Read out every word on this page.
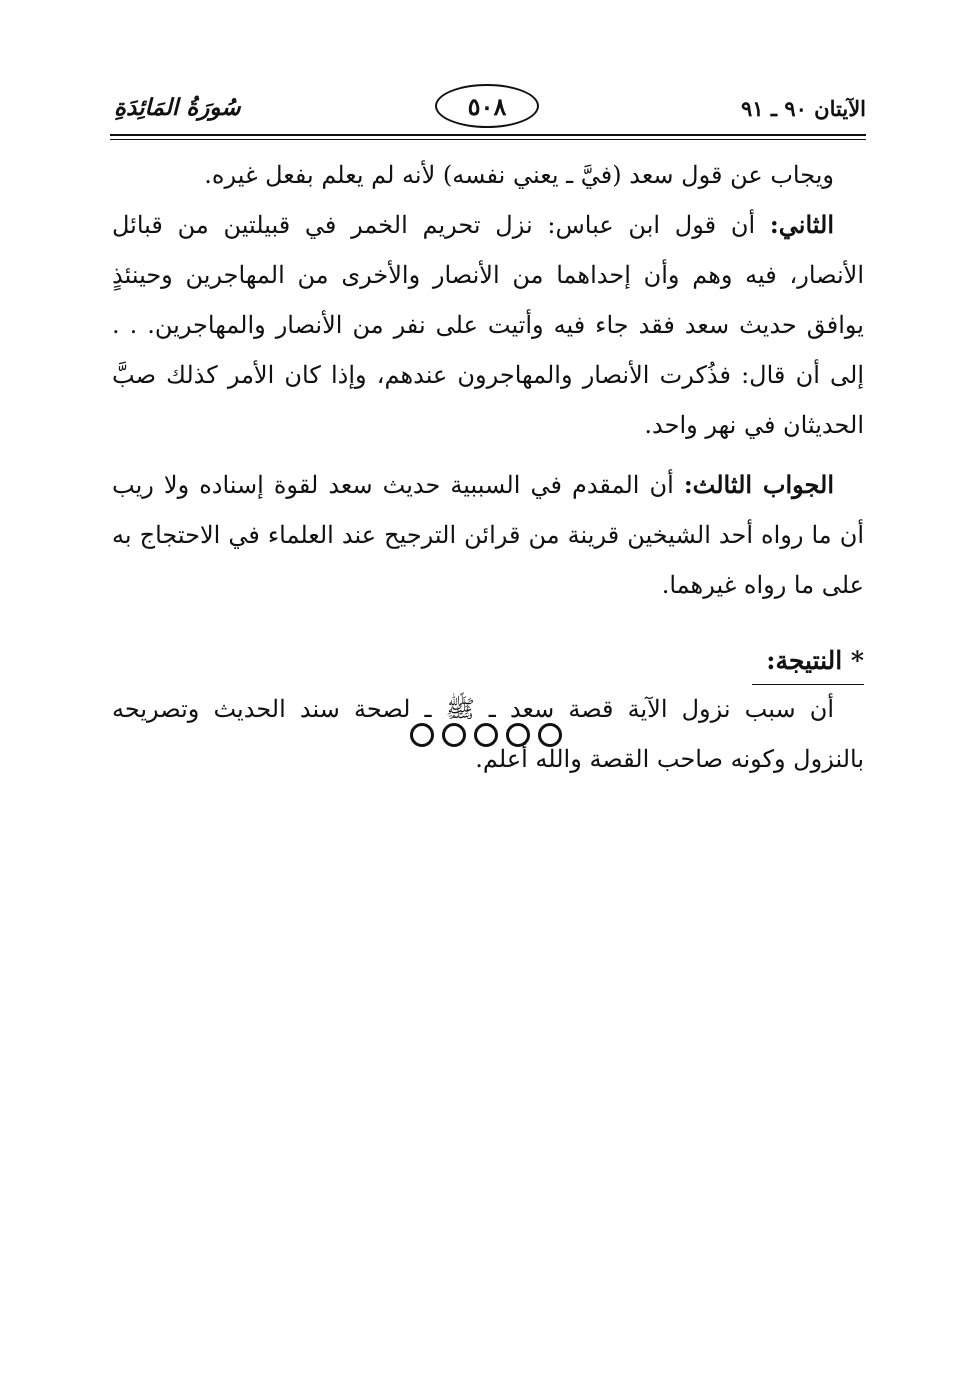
الآيتان ٩٠ ـ ٩١
٥٠٨
سُورَةُ المَائِدَةِ

ويجاب عن قول سعد (فيَّ ـ يعني نفسه) لأنه لم يعلم بفعل غيره.

الثاني: أن قول ابن عباس: نزل تحريم الخمر في قبيلتين من قبائل الأنصار، فيه وهم وأن إحداهما من الأنصار والأخرى من المهاجرين وحينئذٍ يوافق حديث سعد فقد جاء فيه وأتيت على نفر من الأنصار والمهاجرين. . . إلى أن قال: فذُكرت الأنصار والمهاجرون عندهم، وإذا كان الأمر كذلك صبَّ الحديثان في نهر واحد.

الجواب الثالث: أن المقدم في السببية حديث سعد لقوة إسناده ولا ريب أن ما رواه أحد الشيخين قرينة من قرائن الترجيح عند العلماء في الاحتجاج به على ما رواه غيرهما.

* النتيجة:

أن سبب نزول الآية قصة سعد ـ ﷺ ـ لصحة سند الحديث وتصريحه بالنزول وكونه صاحب القصة والله أعلم.
